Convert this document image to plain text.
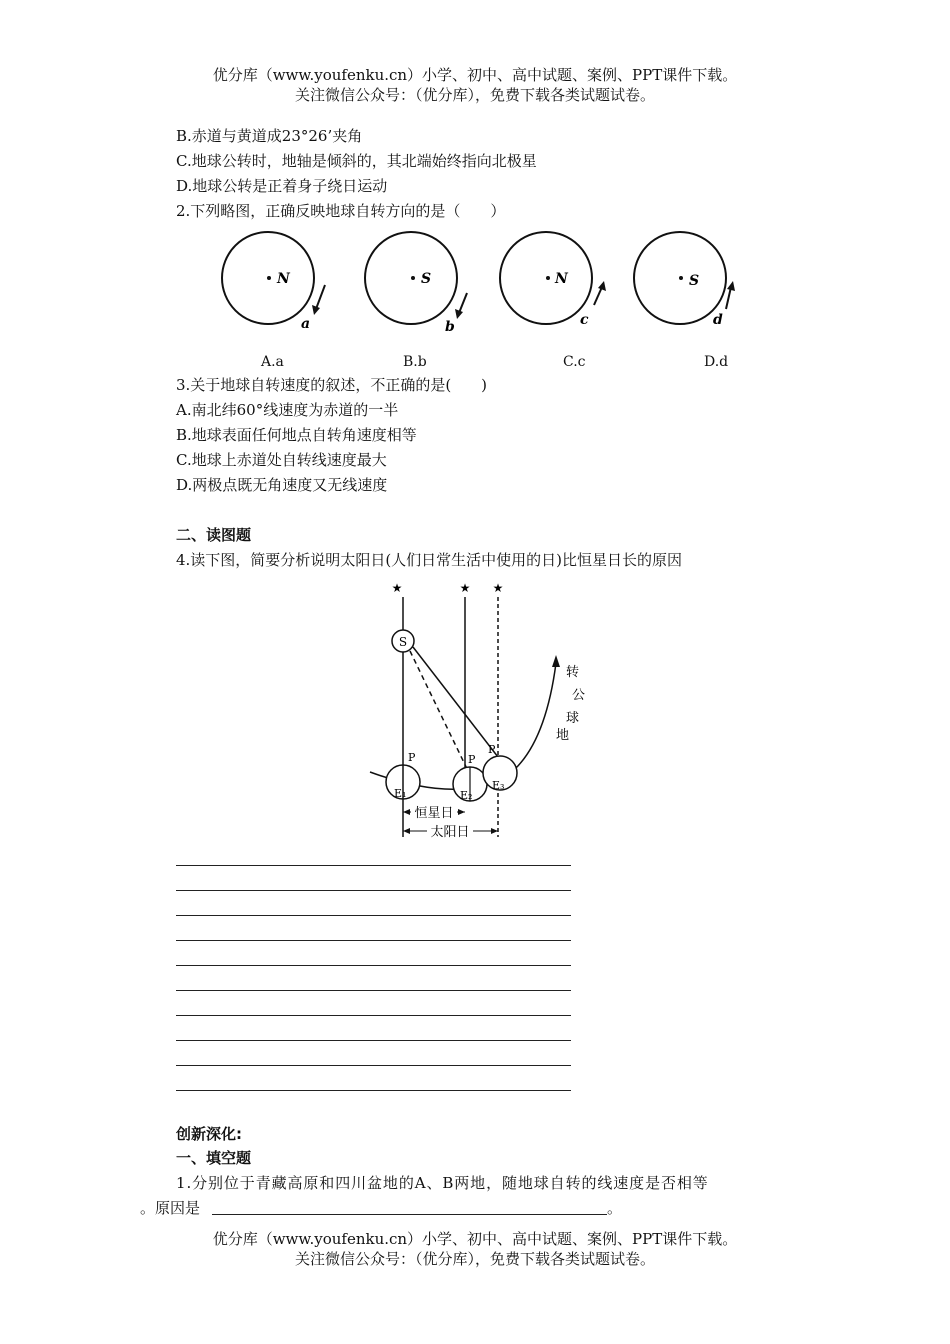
优分库（www.youfenku.cn）小学、初中、高中试题、案例、PPT课件下载。
关注微信公众号：（优分库），免费下载各类试题试卷。
B.赤道与黄道成23°26’夹角
C.地球公转时，地轴是倾斜的，其北端始终指向北极星
D.地球公转是正着身子绕日运动
2.下列略图，正确反映地球自转方向的是（　　）
N
a
S
b
N
c
S
d
A.a	B.b	C.c	D.d
3.关于地球自转速度的叙述，不正确的是(　　)
A.南北纬60°线速度为赤道的一半
B.地球表面任何地点自转角速度相等
C.地球上赤道处自转线速度最大
D.两极点既无角速度又无线速度
二、读图题
4.读下图，简要分析说明太阳日(人们日常生活中使用的日)比恒星日长的原因
★	★ ★
S
P	P
P
E₁	E₂
E₃
转
公
球
地
恒星日
太阳日
创新深化:
一、填空题
1.分别位于青藏高原和四川盆地的A、B两地，随地球自转的线速度是否相等
。原因是	。
优分库（www.youfenku.cn）小学、初中、高中试题、案例、PPT课件下载。
关注微信公众号：（优分库），免费下载各类试题试卷。
